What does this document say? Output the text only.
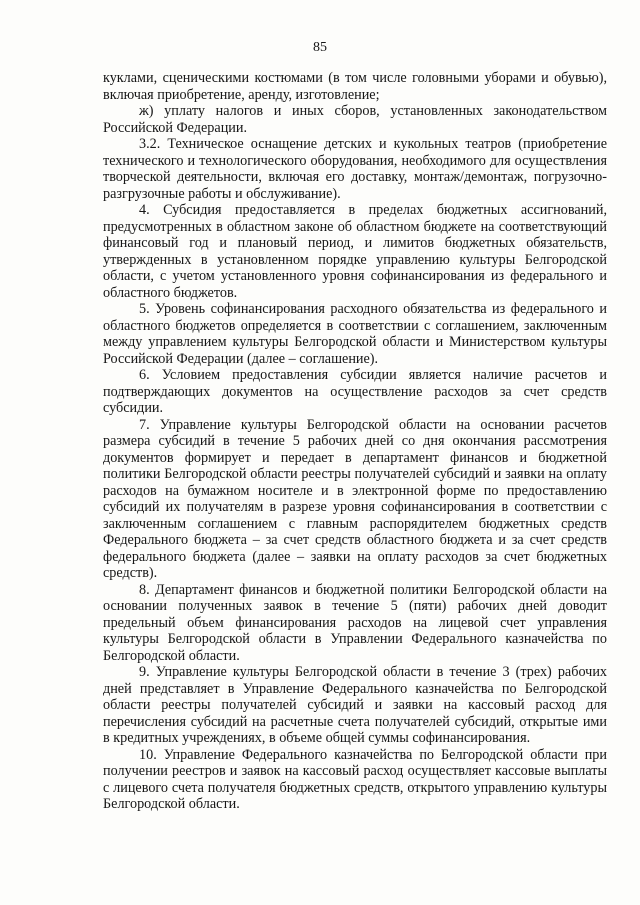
85

куклами, сценическими костюмами (в том числе головными уборами и обувью), включая приобретение, аренду, изготовление;

ж) уплату налогов и иных сборов, установленных законодательством Российской Федерации.

3.2. Техническое оснащение детских и кукольных театров (приобретение технического и технологического оборудования, необходимого для осуществления творческой деятельности, включая его доставку, монтаж/демонтаж, погрузочно-разгрузочные работы и обслуживание).

4. Субсидия предоставляется в пределах бюджетных ассигнований, предусмотренных в областном законе об областном бюджете на соответствующий финансовый год и плановый период, и лимитов бюджетных обязательств, утвержденных в установленном порядке управлению культуры Белгородской области, с учетом установленного уровня софинансирования из федерального и областного бюджетов.

5. Уровень софинансирования расходного обязательства из федерального и областного бюджетов определяется в соответствии с соглашением, заключенным между управлением культуры Белгородской области и Министерством культуры Российской Федерации (далее – соглашение).

6. Условием предоставления субсидии является наличие расчетов и подтверждающих документов на осуществление расходов за счет средств субсидии.

7. Управление культуры Белгородской области на основании расчетов размера субсидий в течение 5 рабочих дней со дня окончания рассмотрения документов формирует и передает в департамент финансов и бюджетной политики Белгородской области реестры получателей субсидий и заявки на оплату расходов на бумажном носителе и в электронной форме по предоставлению субсидий их получателям в разрезе уровня софинансирования в соответствии с заключенным соглашением с главным распорядителем бюджетных средств Федерального бюджета – за счет средств областного бюджета и за счет средств федерального бюджета (далее – заявки на оплату расходов за счет бюджетных средств).

8. Департамент финансов и бюджетной политики Белгородской области на основании полученных заявок в течение 5 (пяти) рабочих дней доводит предельный объем финансирования расходов на лицевой счет управления культуры Белгородской области в Управлении Федерального казначейства по Белгородской области.

9. Управление культуры Белгородской области в течение 3 (трех) рабочих дней представляет в Управление Федерального казначейства по Белгородской области реестры получателей субсидий и заявки на кассовый расход для перечисления субсидий на расчетные счета получателей субсидий, открытые ими в кредитных учреждениях, в объеме общей суммы софинансирования.

10. Управление Федерального казначейства по Белгородской области при получении реестров и заявок на кассовый расход осуществляет кассовые выплаты с лицевого счета получателя бюджетных средств, открытого управлению культуры Белгородской области.
